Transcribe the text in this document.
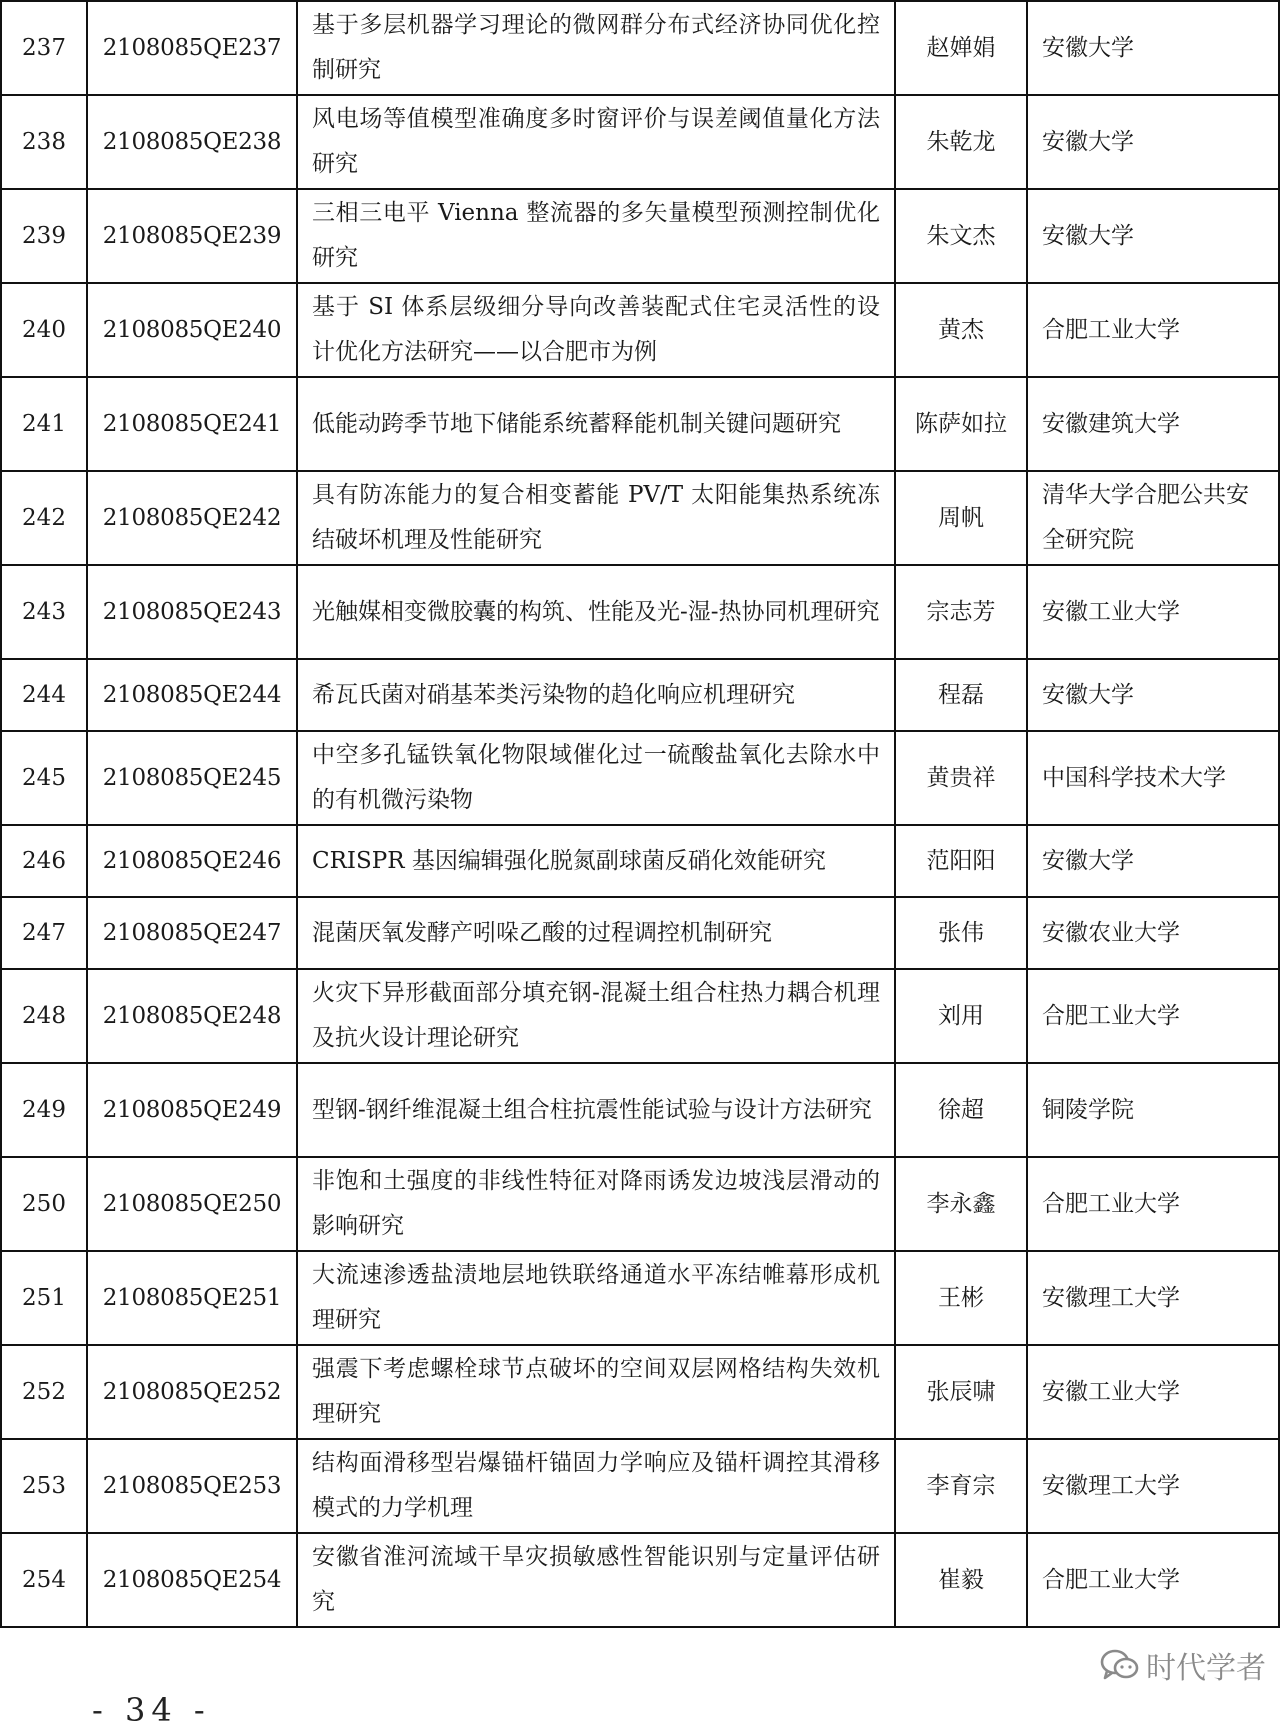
237	2108085QE237	基于多层机器学习理论的微网群分布式经济协同优化控制研究	赵婵娟	安徽大学
238	2108085QE238	风电场等值模型准确度多时窗评价与误差阈值量化方法研究	朱乾龙	安徽大学
239	2108085QE239	三相三电平 Vienna 整流器的多矢量模型预测控制优化研究	朱文杰	安徽大学
240	2108085QE240	基于 SI 体系层级细分导向改善装配式住宅灵活性的设计优化方法研究——以合肥市为例	黄杰	合肥工业大学
241	2108085QE241	低能动跨季节地下储能系统蓄释能机制关键问题研究	陈萨如拉	安徽建筑大学
242	2108085QE242	具有防冻能力的复合相变蓄能 PV/T 太阳能集热系统冻结破坏机理及性能研究	周帆	清华大学合肥公共安全研究院
243	2108085QE243	光触媒相变微胶囊的构筑、性能及光-湿-热协同机理研究	宗志芳	安徽工业大学
244	2108085QE244	希瓦氏菌对硝基苯类污染物的趋化响应机理研究	程磊	安徽大学
245	2108085QE245	中空多孔锰铁氧化物限域催化过一硫酸盐氧化去除水中的有机微污染物	黄贵祥	中国科学技术大学
246	2108085QE246	CRISPR 基因编辑强化脱氮副球菌反硝化效能研究	范阳阳	安徽大学
247	2108085QE247	混菌厌氧发酵产吲哚乙酸的过程调控机制研究	张伟	安徽农业大学
248	2108085QE248	火灾下异形截面部分填充钢-混凝土组合柱热力耦合机理及抗火设计理论研究	刘用	合肥工业大学
249	2108085QE249	型钢-钢纤维混凝土组合柱抗震性能试验与设计方法研究	徐超	铜陵学院
250	2108085QE250	非饱和土强度的非线性特征对降雨诱发边坡浅层滑动的影响研究	李永鑫	合肥工业大学
251	2108085QE251	大流速渗透盐渍地层地铁联络通道水平冻结帷幕形成机理研究	王彬	安徽理工大学
252	2108085QE252	强震下考虑螺栓球节点破坏的空间双层网格结构失效机理研究	张辰啸	安徽工业大学
253	2108085QE253	结构面滑移型岩爆锚杆锚固力学响应及锚杆调控其滑移模式的力学机理	李育宗	安徽理工大学
254	2108085QE254	安徽省淮河流域干旱灾损敏感性智能识别与定量评估研究	崔毅	合肥工业大学
时代学者
- 34 -
